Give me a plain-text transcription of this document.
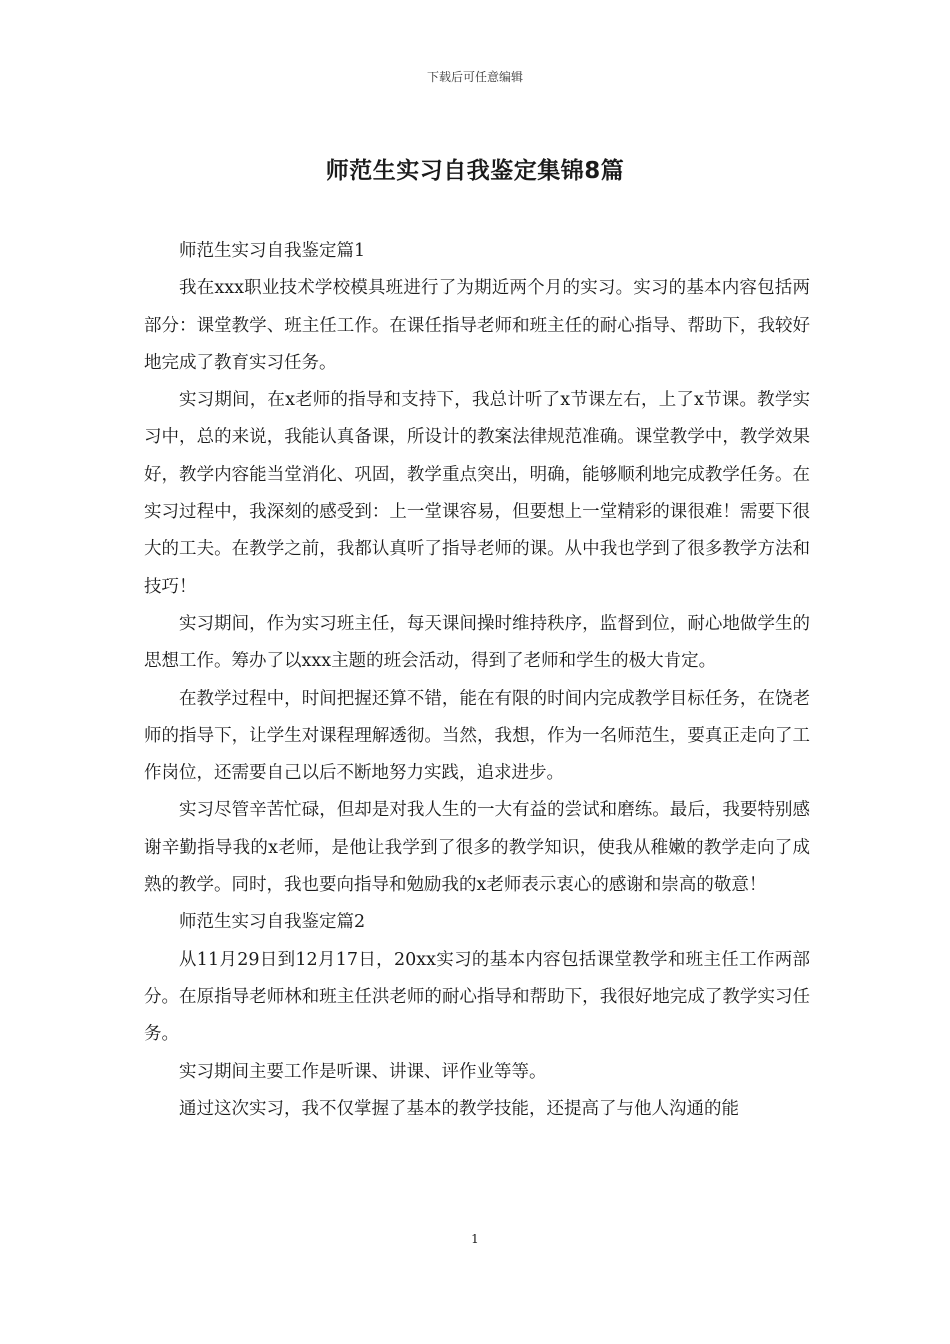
下载后可任意编辑
师范生实习自我鉴定集锦8篇

师范生实习自我鉴定篇1

我在xxx职业技术学校模具班进行了为期近两个月的实习。实习的基本内容包括两部分：课堂教学、班主任工作。在课任指导老师和班主任的耐心指导、帮助下，我较好地完成了教育实习任务。

实习期间，在x老师的指导和支持下，我总计听了x节课左右，上了x节课。教学实习中，总的来说，我能认真备课，所设计的教案法律规范准确。课堂教学中，教学效果好，教学内容能当堂消化、巩固，教学重点突出，明确，能够顺利地完成教学任务。在实习过程中，我深刻的感受到：上一堂课容易，但要想上一堂精彩的课很难！需要下很大的工夫。在教学之前，我都认真听了指导老师的课。从中我也学到了很多教学方法和技巧！

实习期间，作为实习班主任，每天课间操时维持秩序，监督到位，耐心地做学生的思想工作。筹办了以xxx主题的班会活动，得到了老师和学生的极大肯定。

在教学过程中，时间把握还算不错，能在有限的时间内完成教学目标任务，在饶老师的指导下，让学生对课程理解透彻。当然，我想，作为一名师范生，要真正走向了工作岗位，还需要自己以后不断地努力实践，追求进步。

实习尽管辛苦忙碌，但却是对我人生的一大有益的尝试和磨练。最后，我要特别感谢辛勤指导我的x老师，是他让我学到了很多的教学知识，使我从稚嫩的教学走向了成熟的教学。同时，我也要向指导和勉励我的x老师表示衷心的感谢和崇高的敬意！

师范生实习自我鉴定篇2

从11月29日到12月17日，20xx实习的基本内容包括课堂教学和班主任工作两部分。在原指导老师林和班主任洪老师的耐心指导和帮助下，我很好地完成了教学实习任务。

实习期间主要工作是听课、讲课、评作业等等。

通过这次实习，我不仅掌握了基本的教学技能，还提高了与他人沟通的能

1
